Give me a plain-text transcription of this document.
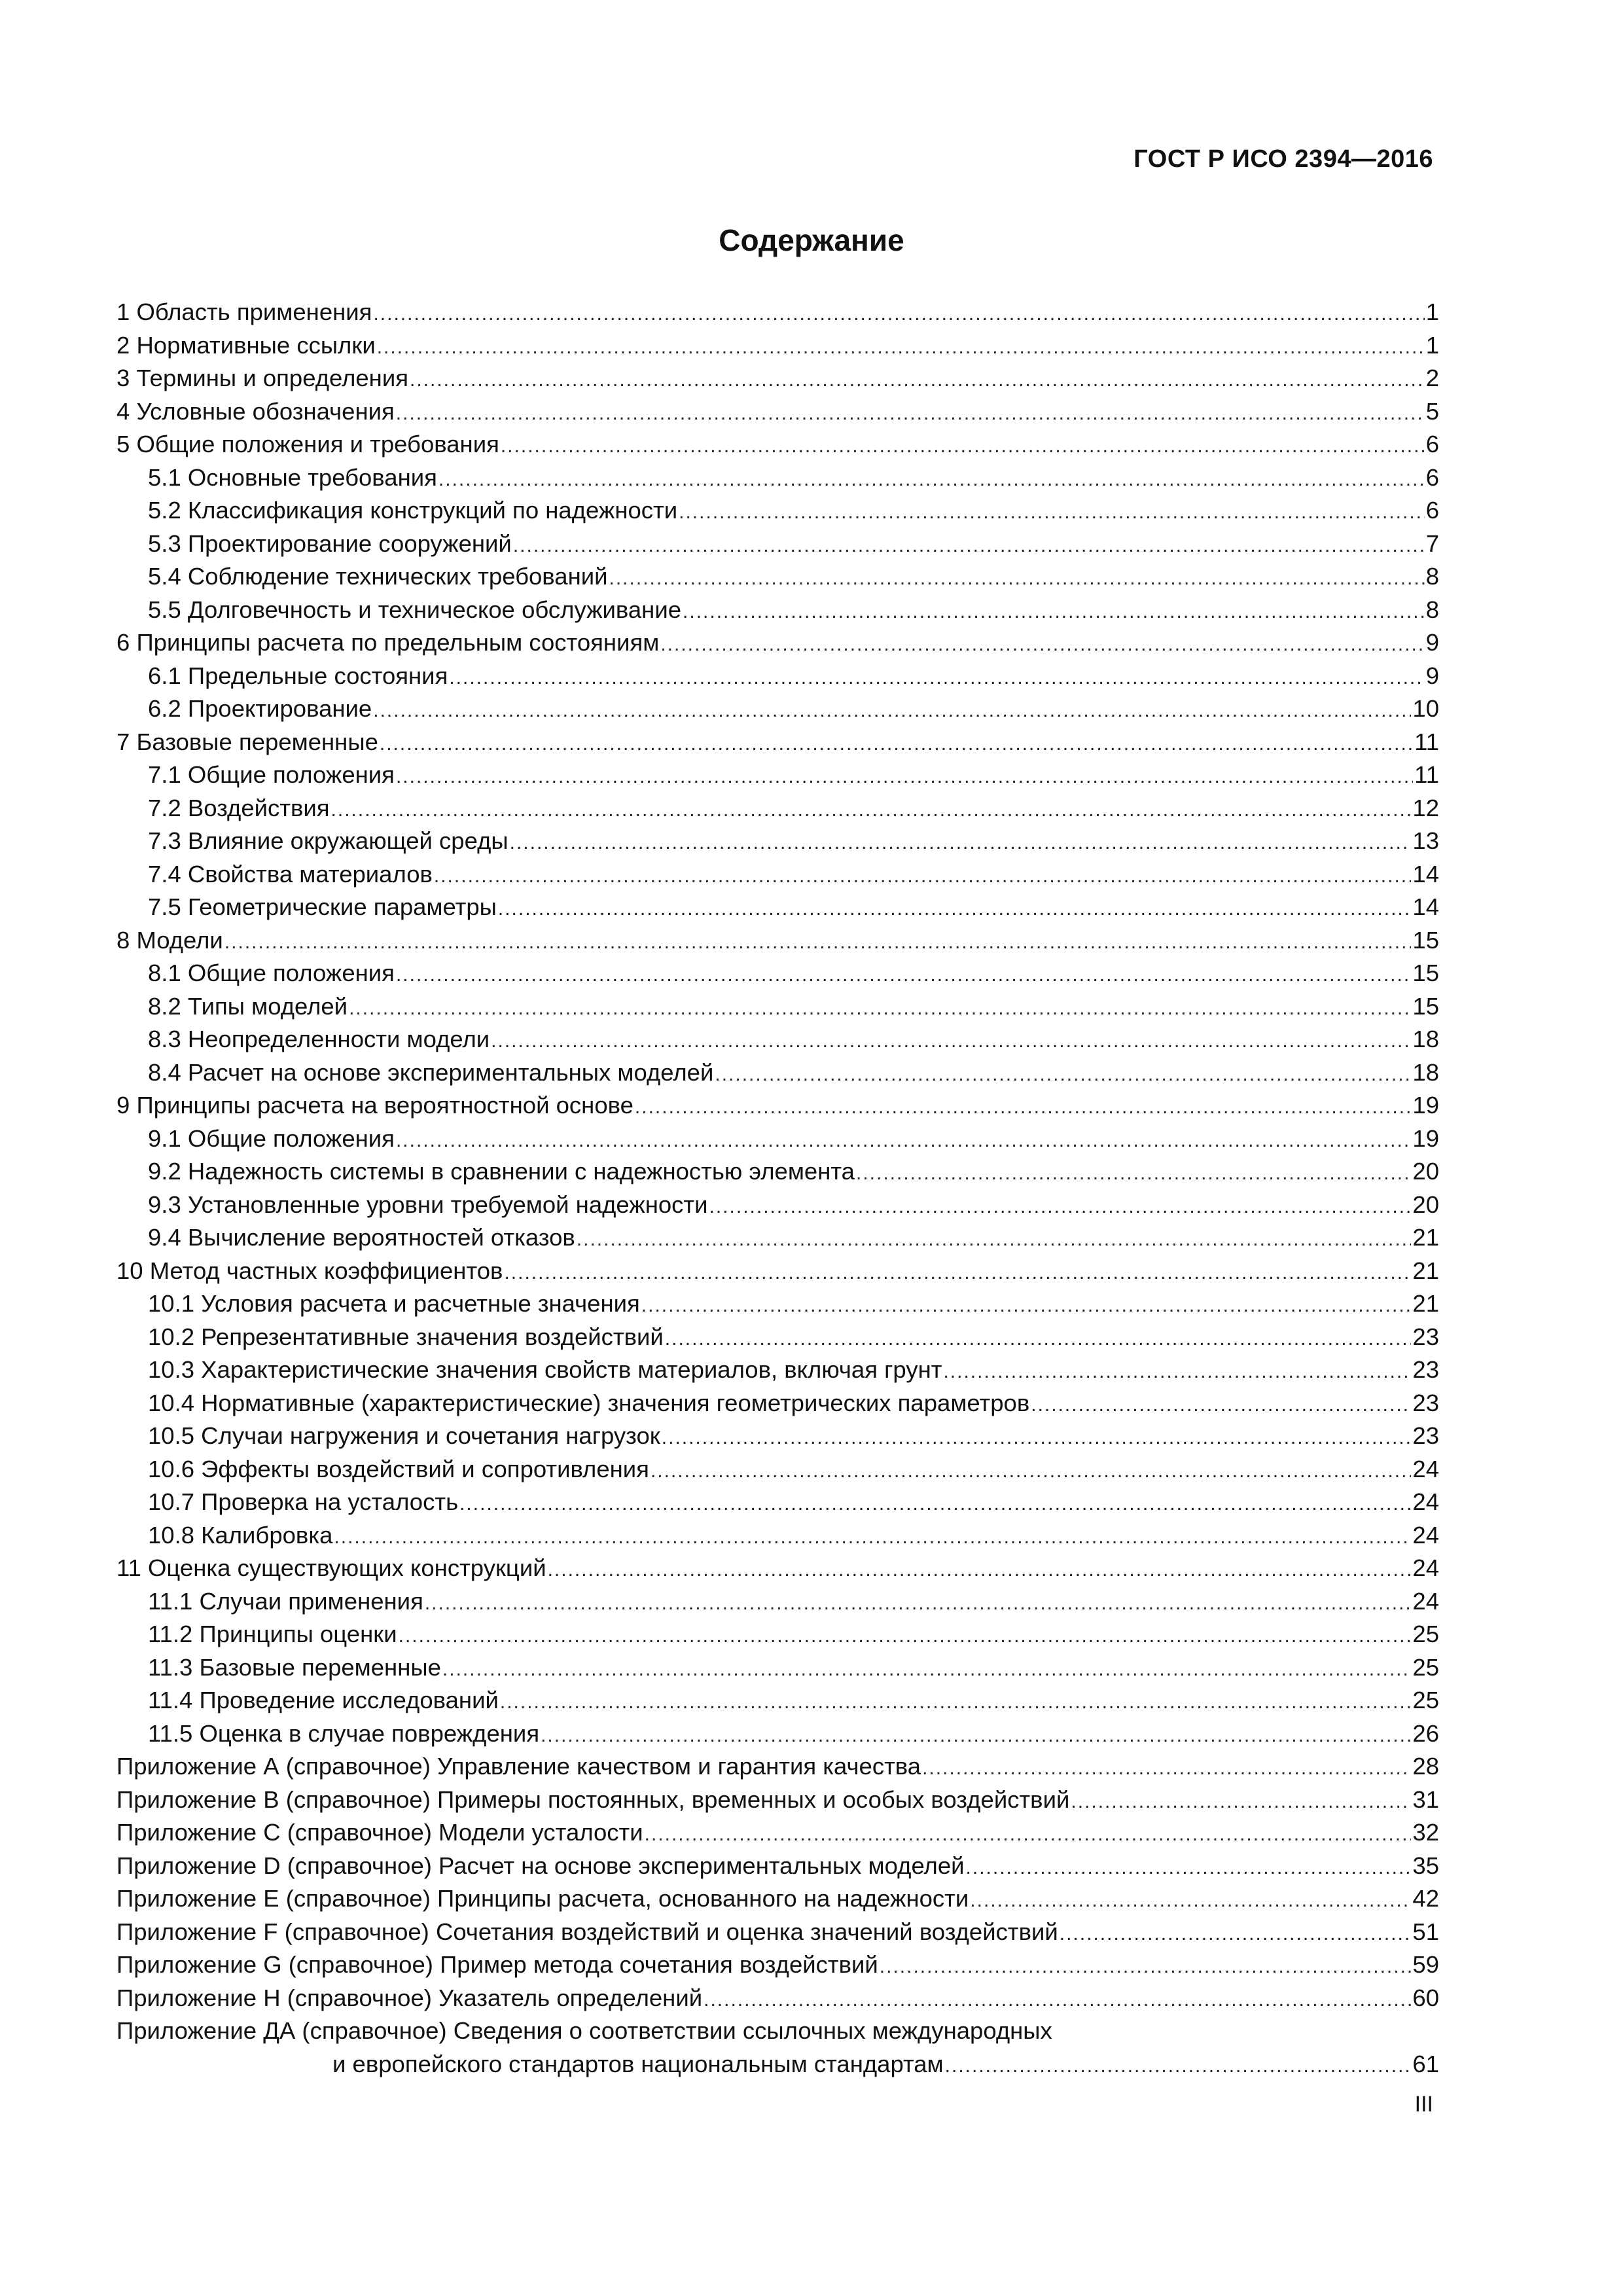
ГОСТ Р ИСО 2394—2016
Содержание
1 Область применения .....	1
2 Нормативные ссылки .....	1
3 Термины и определения .....	2
4 Условные обозначения .....	5
5 Общие положения и требования .....	6
5.1 Основные требования .....	6
5.2 Классификация конструкций по надежности .....	6
5.3 Проектирование сооружений .....	7
5.4 Соблюдение технических требований .....	8
5.5 Долговечность и техническое обслуживание .....	8
6 Принципы расчета по предельным состояниям .....	9
6.1 Предельные состояния .....	9
6.2 Проектирование .....	10
7 Базовые переменные .....	11
7.1 Общие положения .....	11
7.2 Воздействия .....	12
7.3 Влияние окружающей среды .....	13
7.4 Свойства материалов .....	14
7.5 Геометрические параметры .....	14
8 Модели .....	15
8.1 Общие положения .....	15
8.2 Типы моделей .....	15
8.3 Неопределенности модели .....	18
8.4 Расчет на основе экспериментальных моделей .....	18
9 Принципы расчета на вероятностной основе .....	19
9.1 Общие положения .....	19
9.2 Надежность системы в сравнении с надежностью элемента .....	20
9.3 Установленные уровни требуемой надежности .....	20
9.4 Вычисление вероятностей отказов .....	21
10 Метод частных коэффициентов .....	21
10.1 Условия расчета и расчетные значения .....	21
10.2 Репрезентативные значения воздействий .....	23
10.3 Характеристические значения свойств материалов, включая грунт .....	23
10.4 Нормативные (характеристические) значения геометрических параметров .....	23
10.5 Случаи нагружения и сочетания нагрузок .....	23
10.6 Эффекты воздействий и сопротивления .....	24
10.7 Проверка на усталость .....	24
10.8 Калибровка .....	24
11 Оценка существующих конструкций .....	24
11.1 Случаи применения .....	24
11.2 Принципы оценки .....	25
11.3 Базовые переменные .....	25
11.4 Проведение исследований .....	25
11.5 Оценка в случае повреждения .....	26
Приложение А (справочное) Управление качеством и гарантия качества .....	28
Приложение В (справочное) Примеры постоянных, временных и особых воздействий .....	31
Приложение С (справочное) Модели усталости .....	32
Приложение D (справочное) Расчет на основе экспериментальных моделей .....	35
Приложение Е (справочное) Принципы расчета, основанного на надежности .....	42
Приложение F (справочное) Сочетания воздействий и оценка значений воздействий .....	51
Приложение G (справочное) Пример метода сочетания воздействий .....	59
Приложение Н (справочное) Указатель определений .....	60
Приложение ДА (справочное) Сведения о соответствии ссылочных международных
и европейского стандартов национальным стандартам .....	61
III
